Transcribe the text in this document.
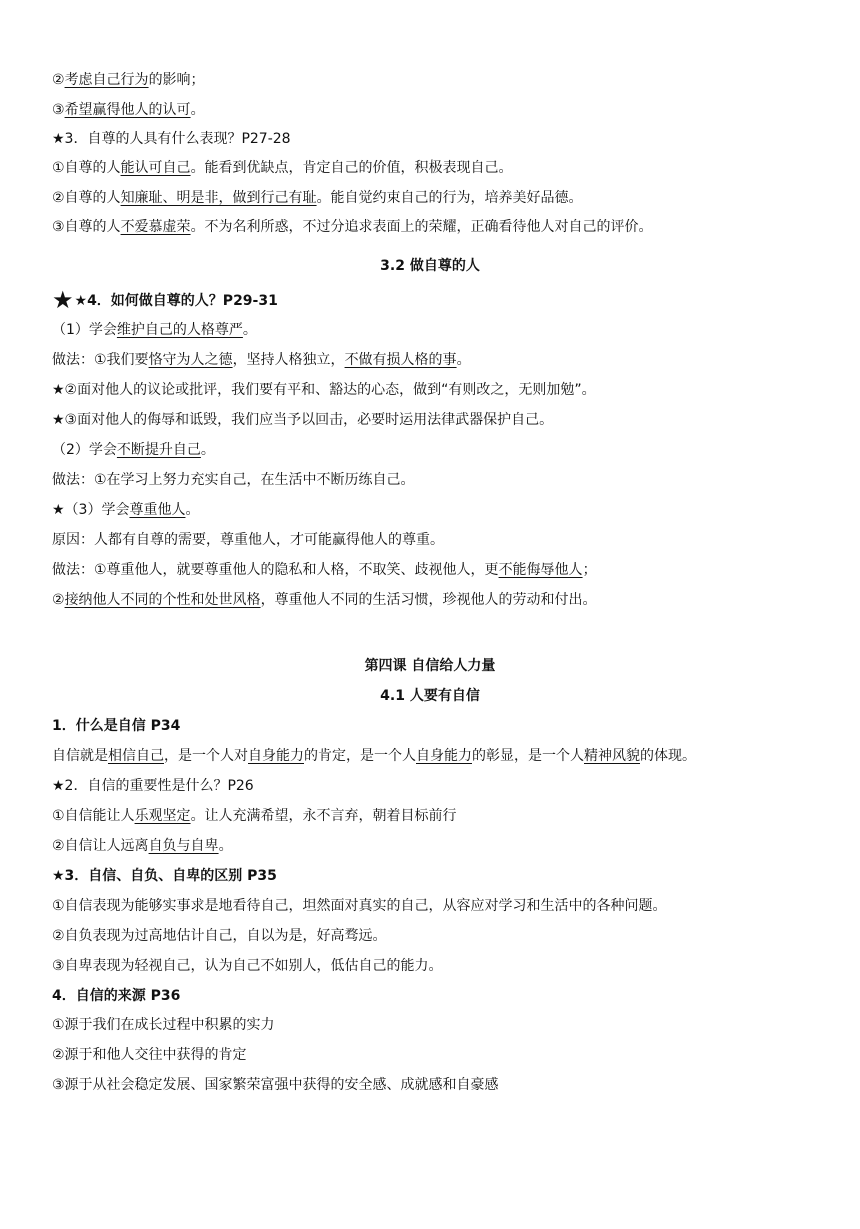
②考虑自己行为的影响；
③希望赢得他人的认可。
★3．自尊的人具有什么表现？P27-28
①自尊的人能认可自己。能看到优缺点，肯定自己的价值，积极表现自己。
②自尊的人知廉耻、明是非，做到行己有耻。能自觉约束自己的行为，培养美好品德。
③自尊的人不爱慕虚荣。不为名利所惑，不过分追求表面上的荣耀，正确看待他人对自己的评价。
3.2 做自尊的人
★★4．如何做自尊的人？P29-31
（1）学会维护自己的人格尊严。
做法：①我们要恪守为人之德，坚持人格独立，不做有损人格的事。
★②面对他人的议论或批评，我们要有平和、豁达的心态，做到“有则改之，无则加勉”。
★③面对他人的侮辱和诋毁，我们应当予以回击，必要时运用法律武器保护自己。
（2）学会不断提升自己。
做法：①在学习上努力充实自己，在生活中不断历练自己。
★（3）学会尊重他人。
原因：人都有自尊的需要，尊重他人，才可能赢得他人的尊重。
做法：①尊重他人，就要尊重他人的隐私和人格，不取笑、歧视他人，更不能侮辱他人；
②接纳他人不同的个性和处世风格，尊重他人不同的生活习惯，珍视他人的劳动和付出。
第四课 自信给人力量
4.1 人要有自信
1．什么是自信 P34
自信就是相信自己，是一个人对自身能力的肯定，是一个人自身能力的彰显，是一个人精神风貌的体现。
★2．自信的重要性是什么？P26
①自信能让人乐观坚定。让人充满希望，永不言弃，朝着目标前行
②自信让人远离自负与自卑。
★3．自信、自负、自卑的区别 P35
①自信表现为能够实事求是地看待自己，坦然面对真实的自己，从容应对学习和生活中的各种问题。
②自负表现为过高地估计自己，自以为是，好高骛远。
③自卑表现为轻视自己，认为自己不如别人，低估自己的能力。
4．自信的来源 P36
①源于我们在成长过程中积累的实力
②源于和他人交往中获得的肯定
③源于从社会稳定发展、国家繁荣富强中获得的安全感、成就感和自豪感
